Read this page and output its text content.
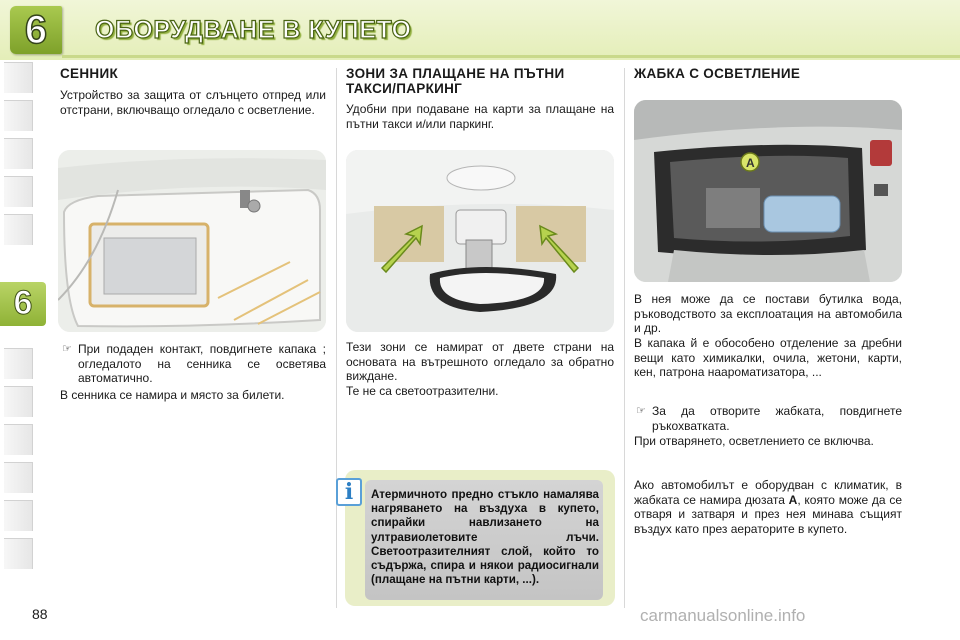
6	ОБОРУДВАНЕ В КУПЕТО
6
СЕННИК

Устройство за защита от слънцето отпред или отстрани, включващо огледало с осветление.

☞ При подаден контакт, повдигнете капака ; огледалото на сенника се осветява автоматично.

В сенника се намира и място за билети.

ЗОНИ ЗА ПЛАЩАНЕ НА ПЪТНИ ТАКСИ/ПАРКИНГ

Удобни при подаване на карти за плащане на пътни такси и/или паркинг.

Тези зони се намират от двете страни на основата на вътрешното огледало за обратно виждане.

Те не са светоотразителни.

Атермичното предно стъкло намалява нагряването на въздуха в купето, спирайки навлизането на ултравиолетовите лъчи. Светоотразителният слой, който то съдържа, спира и някои радиосигнали (плащане на пътни карти, ...).
i
ЖАБКА С ОСВЕТЛЕНИЕ
A

В нея може да се постави бутилка вода, ръководството за експлоатация на автомобила и др.

В капака й е обособено отделение за дребни вещи като химикалки, очила, жетони, карти, кен, патрона наароматизатора, ...

☞ За да отворите жабката, повдигнете ръкохватката.

При отварянето, осветлението се включва.

Ако автомобилът е оборудван с климатик, в жабката се намира дюзата A, която може да се отваря и затваря и през нея минава същият въздух като през аераторите в купето.

88	carmanualsonline.info
